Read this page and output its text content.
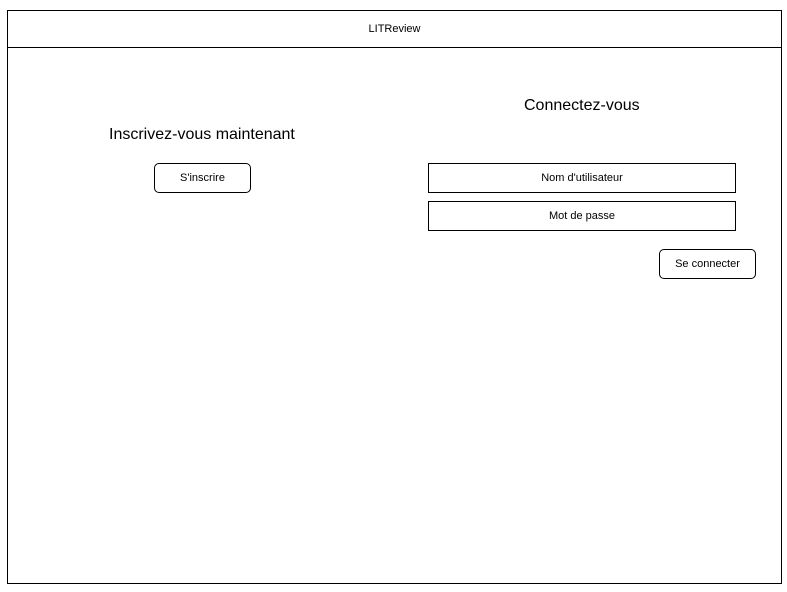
LITReview
Inscrivez-vous maintenant
S'inscrire
Connectez-vous
Nom d'utilisateur
Mot de passe
Se connecter
